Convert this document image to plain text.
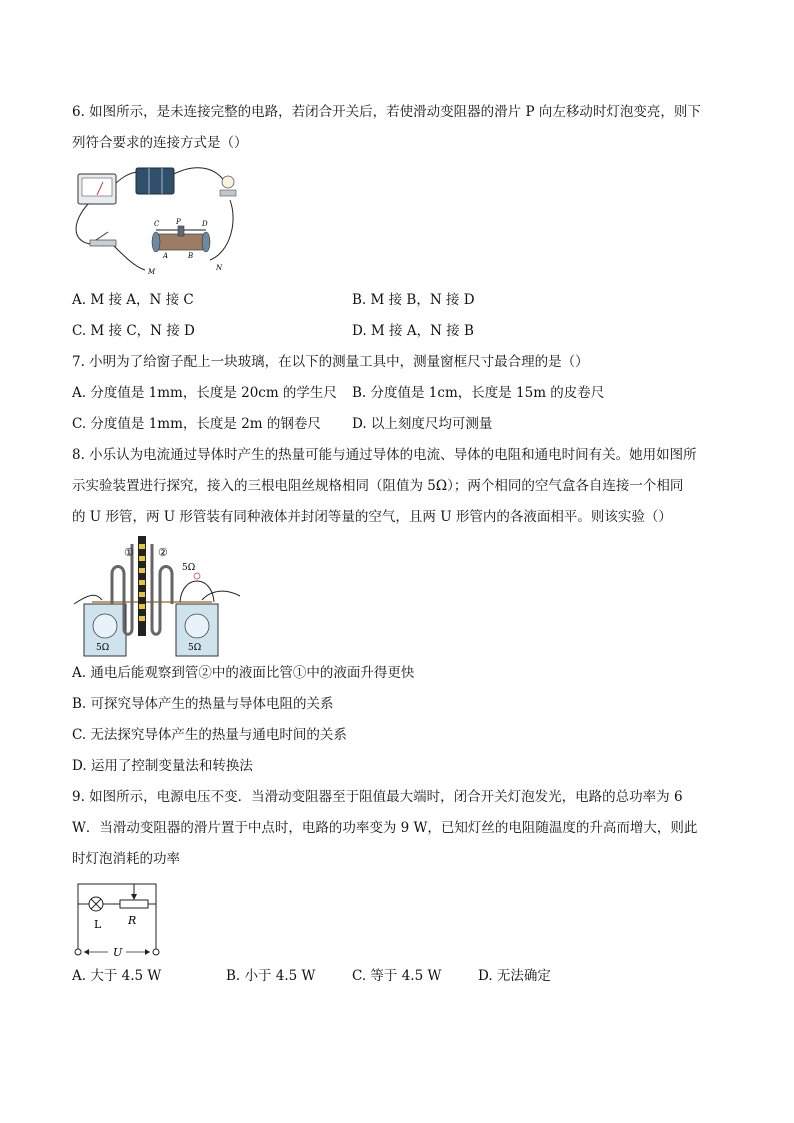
6. 如图所示，是未连接完整的电路，若闭合开关后，若使滑动变阻器的滑片 P 向左移动时灯泡变亮，则下
列符合要求的连接方式是（）
C P	D
A	B
M	N
A. M 接 A，N 接 C	B. M 接 B，N 接 D
C. M 接 C，N 接 D	D. M 接 A，N 接 B
7. 小明为了给窗子配上一块玻璃，在以下的测量工具中，测量窗框尺寸最合理的是（）
A. 分度值是 1mm，长度是 20cm 的学生尺 B. 分度值是 1cm，长度是 15m 的皮卷尺
C. 分度值是 1mm，长度是 2m 的钢卷尺 D. 以上刻度尺均可测量
8. 小乐认为电流通过导体时产生的热量可能与通过导体的电流、导体的电阻和通电时间有关。她用如图所
示实验装置进行探究，接入的三根电阻丝规格相同（阻值为 5Ω）；两个相同的空气盒各自连接一个相同
的 U 形管，两 U 形管装有同种液体并封闭等量的空气，且两 U 形管内的各液面相平。则该实验（）
5Ω	5Ω
① ②
5Ω
A. 通电后能观察到管②中的液面比管①中的液面升得更快
B. 可探究导体产生的热量与导体电阻的关系
C. 无法探究导体产生的热量与通电时间的关系
D. 运用了控制变量法和转换法
9. 如图所示，电源电压不变．当滑动变阻器至于阻值最大端时，闭合开关灯泡发光，电路的总功率为 6
W．当滑动变阻器的滑片置于中点时，电路的功率变为 9 W，已知灯丝的电阻随温度的升高而增大，则此
时灯泡消耗的功率
L R
U
A. 大于 4.5 W	B. 小于 4.5 W	C. 等于 4.5 W	D. 无法确定
